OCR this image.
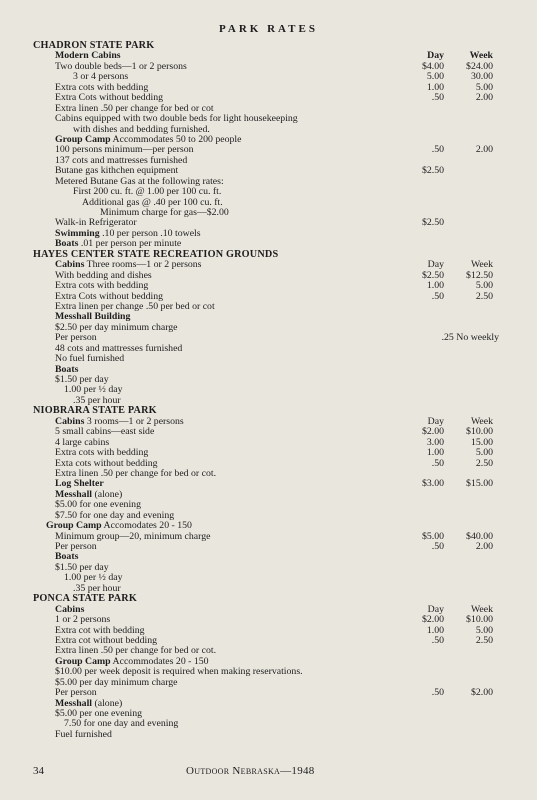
PARK RATES
CHADRON STATE PARK
Modern Cabins	Day	Week
Two double beds—1 or 2 persons	$4.00 $24.00
3 or 4 persons	5.00	30.00
Extra cots with bedding	1.00	5.00
Extra Cots without bedding	.50	2.00
Extra linen .50 per change for bed or cot
Cabins equipped with two double beds for light housekeeping
with dishes and bedding furnished.
Group Camp Accommodates 50 to 200 people
100 persons minimum—per person	.50	2.00
137 cots and mattresses furnished
Butane gas kithchen equipment	$2.50
Metered Butane Gas at the following rates:
First 200 cu. ft. @ 1.00 per 100 cu. ft.
Additional gas @ .40 per 100 cu. ft.
Minimum charge for gas—$2.00
Walk-in Refrigerator	$2.50
Swimming .10 per person .10 towels
Boats .01 per person per minute
HAYES CENTER STATE RECREATION GROUNDS
Cabins Three rooms—1 or 2 persons	Day	Week
With bedding and dishes	$2.50 $12.50
Extra cots with bedding	1.00	5.00
Extra Cots without bedding	.50	2.50
Extra linen per change .50 per bed or cot
Messhall Building
$2.50 per day minimum charge
Per person	.25 No weekly
48 cots and mattresses furnished
No fuel furnished
Boats
$1.50 per day
1.00 per ½ day
.35 per hour
NIOBRARA STATE PARK
Cabins 3 rooms—1 or 2 persons	Day	Week
5 small cabins—east side	$2.00 $10.00
4 large cabins	3.00	15.00
Extra cots with bedding	1.00	5.00
Exta cots without bedding	.50	2.50
Extra linen .50 per change for bed or cot.
Log Shelter	$3.00 $15.00
Messhall (alone)
$5.00 for one evening
$7.50 for one day and evening
Group Camp Accomodates 20 - 150
Minimum group—20, minimum charge	$5.00 $40.00
Per person	.50	2.00
Boats
$1.50 per day
1.00 per ½ day
.35 per hour
PONCA STATE PARK
Cabins	Day	Week
1 or 2 persons	$2.00 $10.00
Extra cot with bedding	1.00	5.00
Extra cot without bedding	.50	2.50
Extra linen .50 per change for bed or cot.
Group Camp Accommodates 20 - 150
$10.00 per week deposit is required when making reservations.
$5.00 per day minimum charge
Per person	.50	$2.00
Messhall (alone)
$5.00 per one evening
7.50 for one day and evening
Fuel furnished
34	Outdoor Nebraska—1948
